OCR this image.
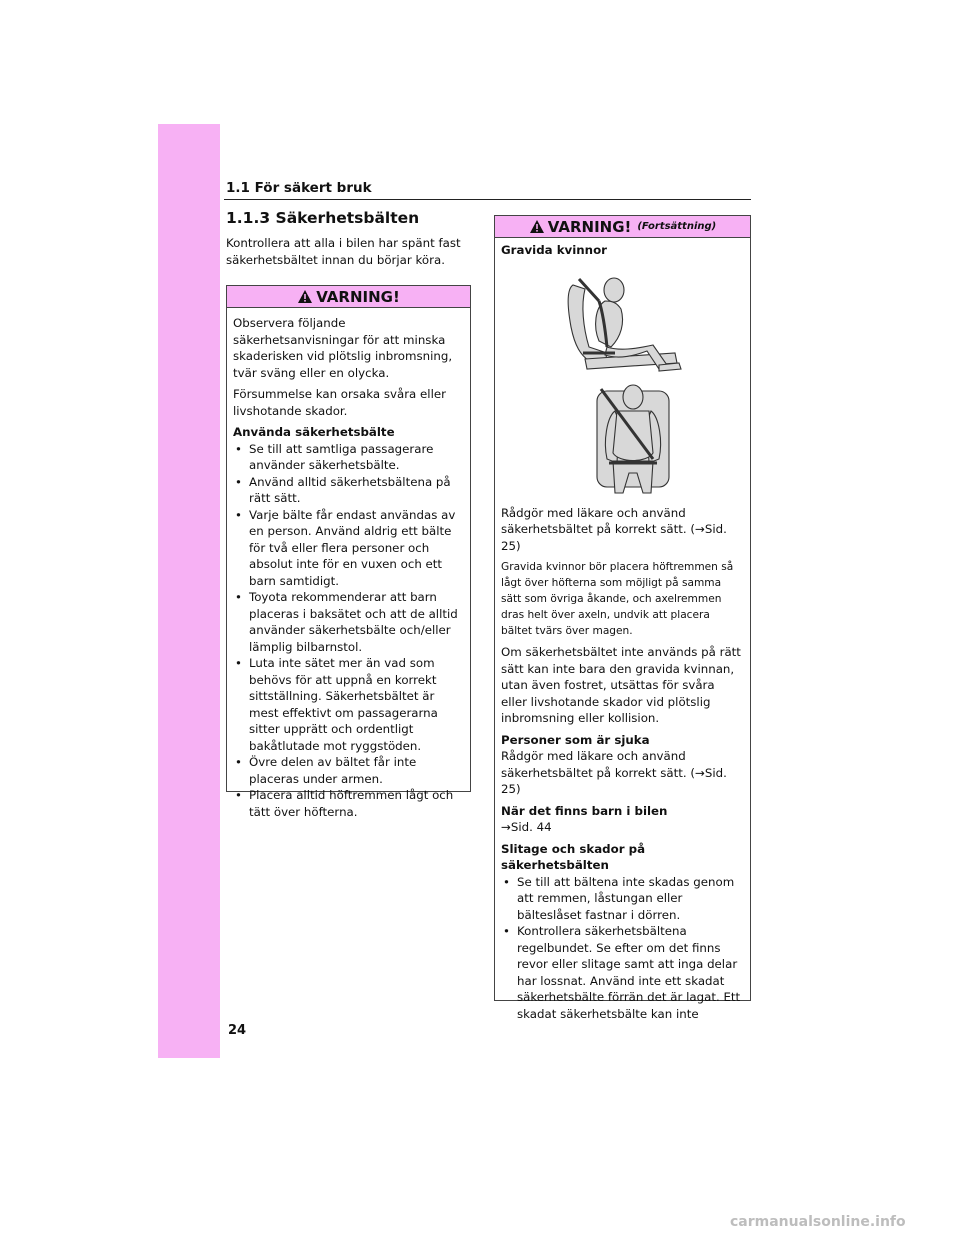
1.1 För säkert bruk
1.1.3 Säkerhetsbälten

Kontrollera att alla i bilen har spänt fast säkerhetsbältet innan du börjar köra.

VARNING!

Observera följande säkerhetsanvisningar för att minska skaderisken vid plötslig inbromsning, tvär sväng eller en olycka.

Försummelse kan orsaka svåra eller livshotande skador.

Använda säkerhetsbälte
• Se till att samtliga passagerare använder säkerhetsbälte.
• Använd alltid säkerhetsbältena på rätt sätt.
• Varje bälte får endast användas av en person. Använd aldrig ett bälte för två eller flera personer och absolut inte för en vuxen och ett barn samtidigt.
• Toyota rekommenderar att barn placeras i baksätet och att de alltid använder säkerhetsbälte och/eller lämplig bilbarnstol.
• Luta inte sätet mer än vad som behövs för att uppnå en korrekt sittställning. Säkerhetsbältet är mest effektivt om passagerarna sitter upprätt och ordentligt bakåtlutade mot ryggstöden.
• Övre delen av bältet får inte placeras under armen.
• Placera alltid höftremmen lågt och tätt över höfterna.
VARNING! (Fortsättning)
Gravida kvinnor

Rådgör med läkare och använd säkerhetsbältet på korrekt sätt. (→Sid. 25)

Gravida kvinnor bör placera höftremmen så lågt över höfterna som möjligt på samma sätt som övriga åkande, och axelremmen dras helt över axeln, undvik att placera bältet tvärs över magen.

Om säkerhetsbältet inte används på rätt sätt kan inte bara den gravida kvinnan, utan även fostret, utsättas för svåra eller livshotande skador vid plötslig inbromsning eller kollision.

Personer som är sjuka

Rådgör med läkare och använd säkerhetsbältet på korrekt sätt. (→Sid. 25)

När det finns barn i bilen

→Sid. 44

Slitage och skador på säkerhetsbälten
• Se till att bältena inte skadas genom att remmen, låstungan eller bälteslåset fastnar i dörren.
• Kontrollera säkerhetsbältena regelbundet. Se efter om det finns revor eller slitage samt att inga delar har lossnat. Använd inte ett skadat säkerhetsbälte förrän det är lagat. Ett skadat säkerhetsbälte kan inte
24
carmanualsonline.info
